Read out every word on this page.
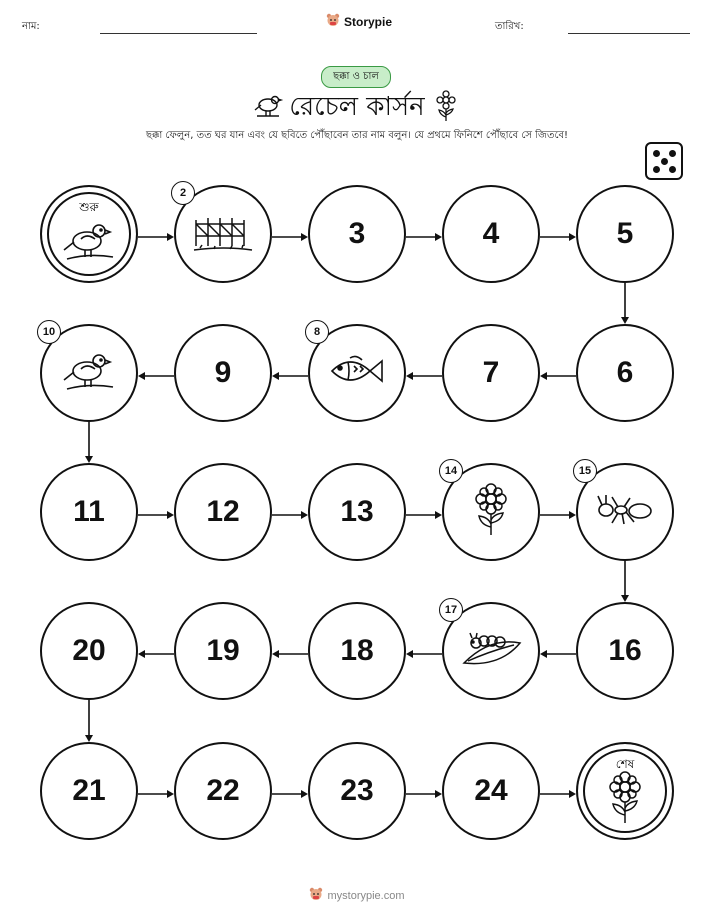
নাম:	Storypie	তারিখ:
ছক্কা ও চাল
রেচেল কার্সন
ছক্কা ফেলুন, তত ঘর যান এবং যে ছবিতে পৌঁছাবেন তার নাম বলুন। যে প্রথমে ফিনিশে পৌঁছাবে সে জিতবে!
শুরু
2
3	4	5
6
7
8
9
10
11	12	13
14	15
16
17
18
19
20
21	22	23	24
শেষ
mystorypie.com
